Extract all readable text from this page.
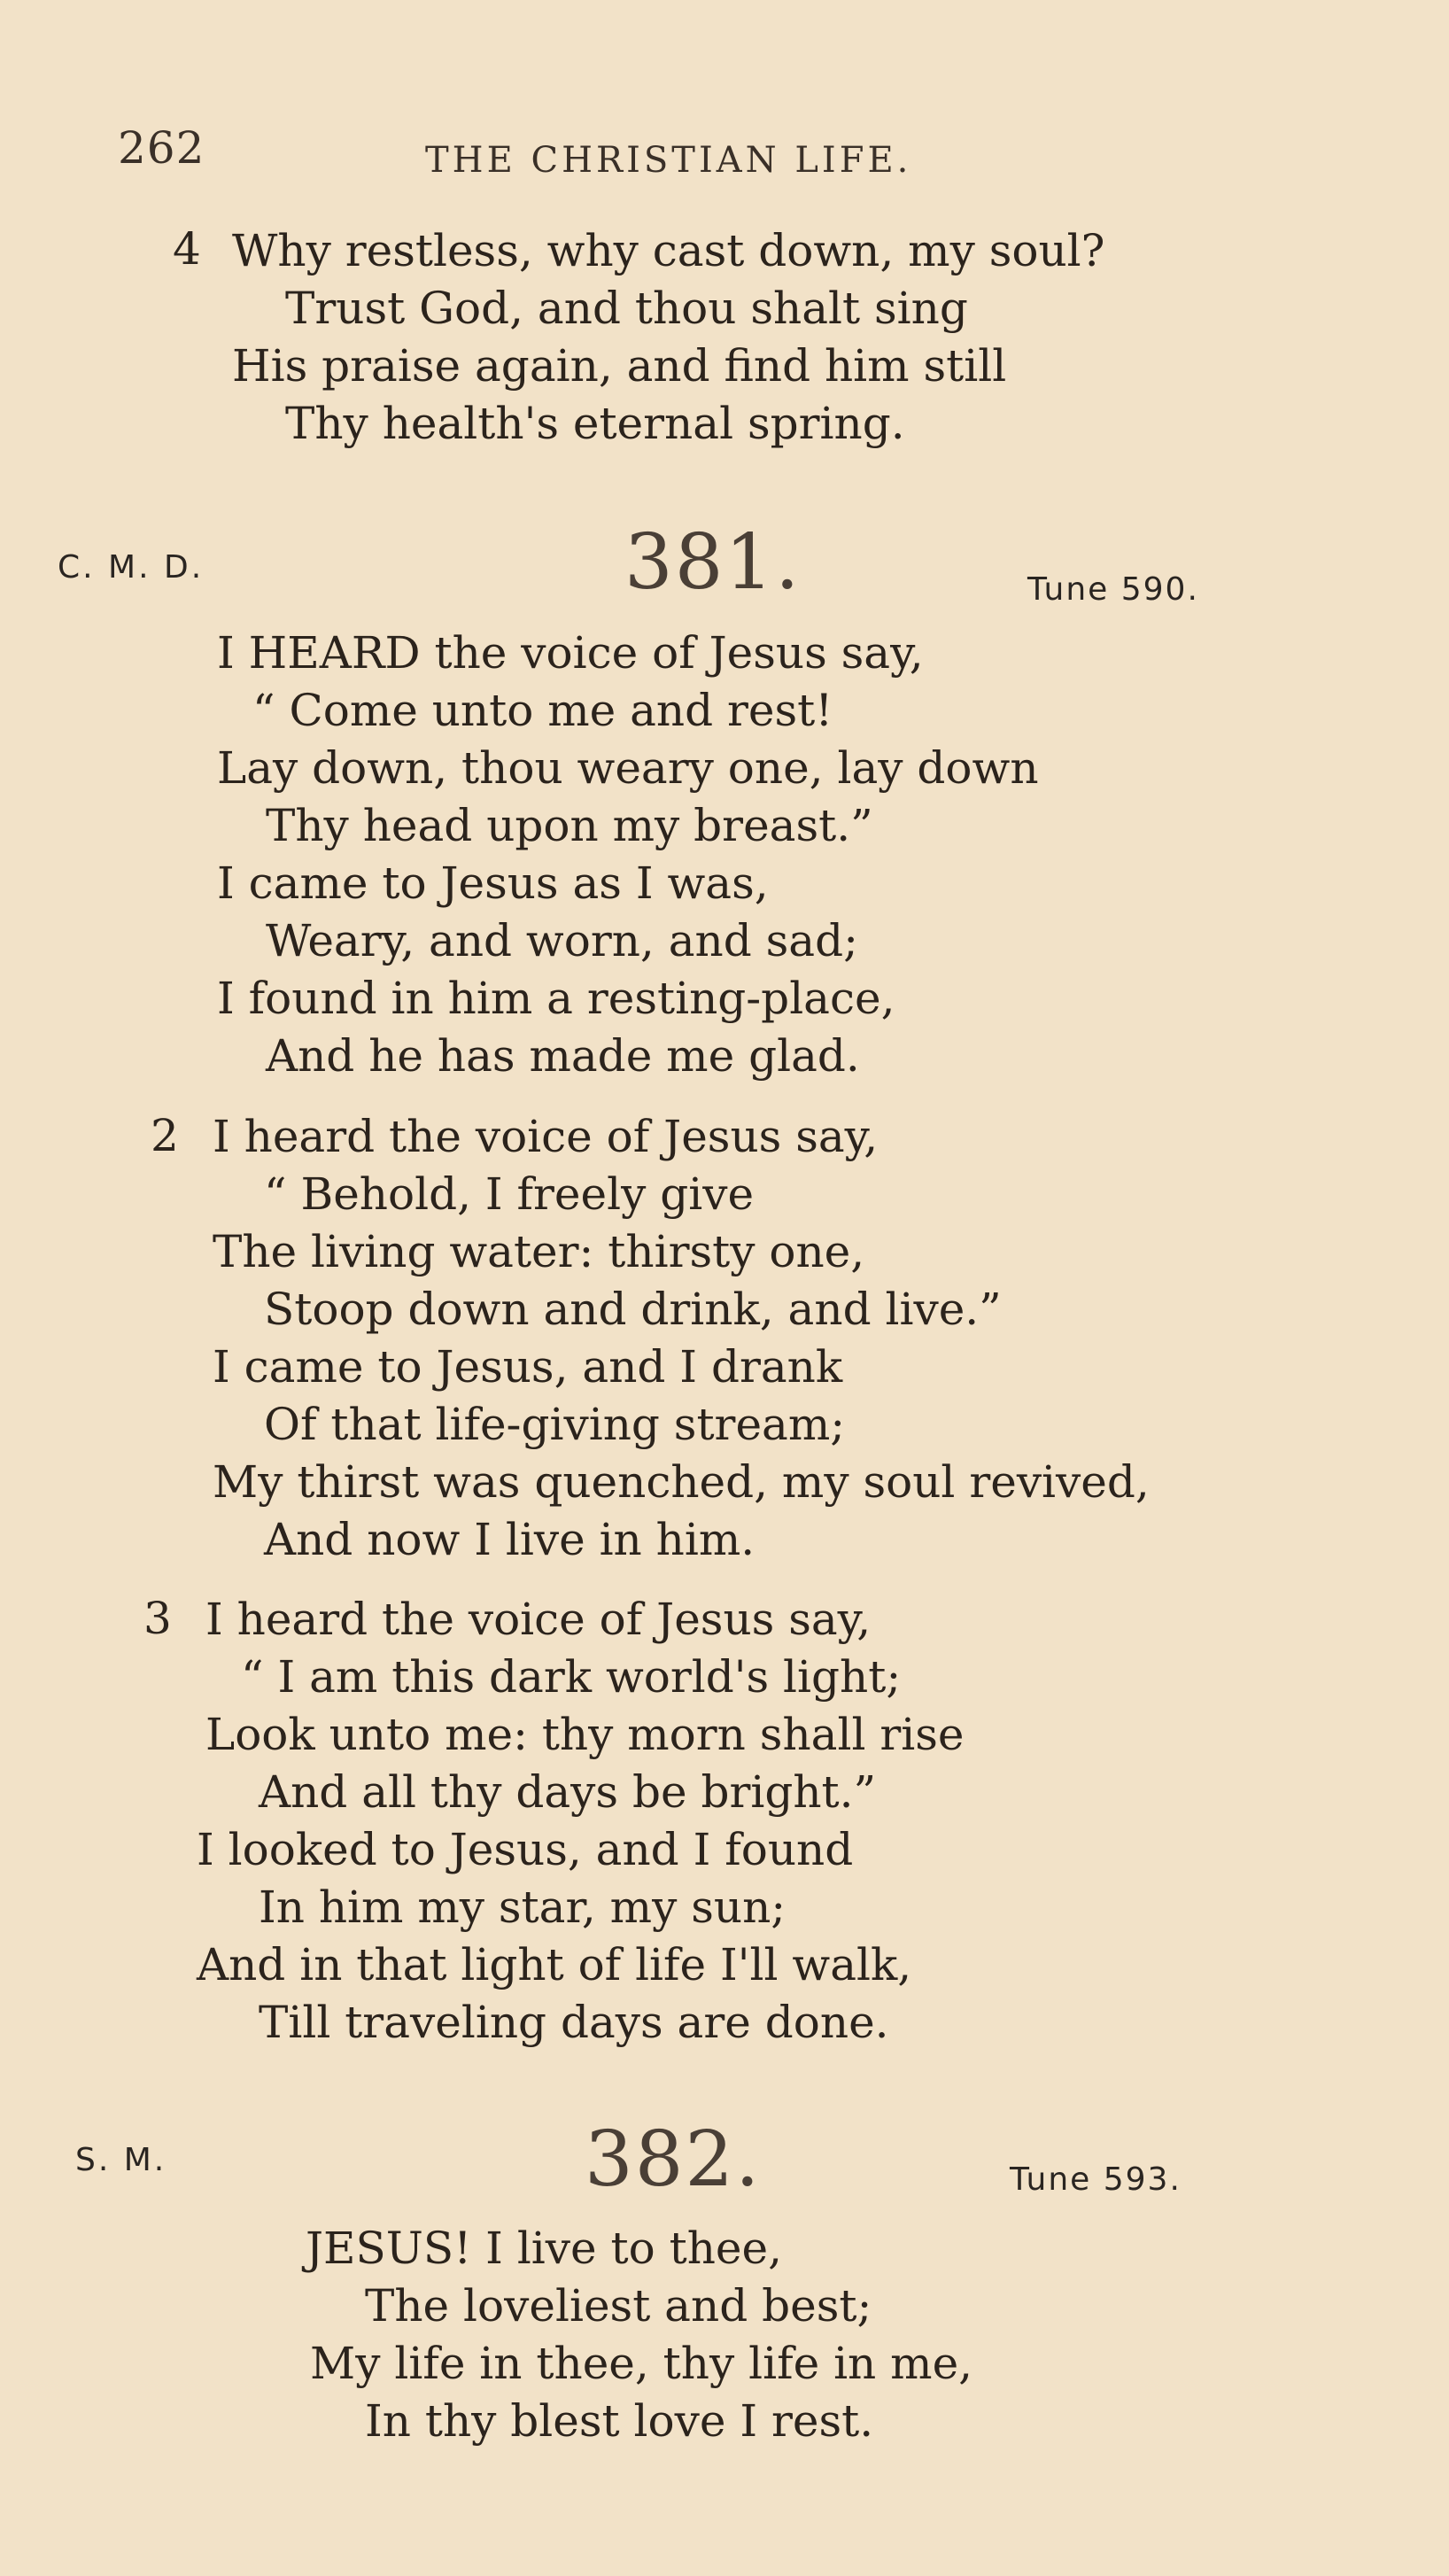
262	THE CHRISTIAN LIFE.
4 Why restless, why cast down, my soul?
Trust God, and thou shalt sing
His praise again, and find him still
Thy health's eternal spring.
C. M. D.	381.	Tune 590.
I HEARD the voice of Jesus say,
“ Come unto me and rest!
Lay down, thou weary one, lay down
Thy head upon my breast.”
I came to Jesus as I was,
Weary, and worn, and sad;
I found in him a resting-place,
And he has made me glad.
2 I heard the voice of Jesus say,
“ Behold, I freely give
The living water: thirsty one,
Stoop down and drink, and live.”
I came to Jesus, and I drank
Of that life-giving stream;
My thirst was quenched, my soul revived,
And now I live in him.
3 I heard the voice of Jesus say,
“ I am this dark world's light;
Look unto me: thy morn shall rise
And all thy days be bright.”
I looked to Jesus, and I found
In him my star, my sun;
And in that light of life I'll walk,
Till traveling days are done.
S. M.	382.	Tune 593.
JESUS! I live to thee,
The loveliest and best;
My life in thee, thy life in me,
In thy blest love I rest.
